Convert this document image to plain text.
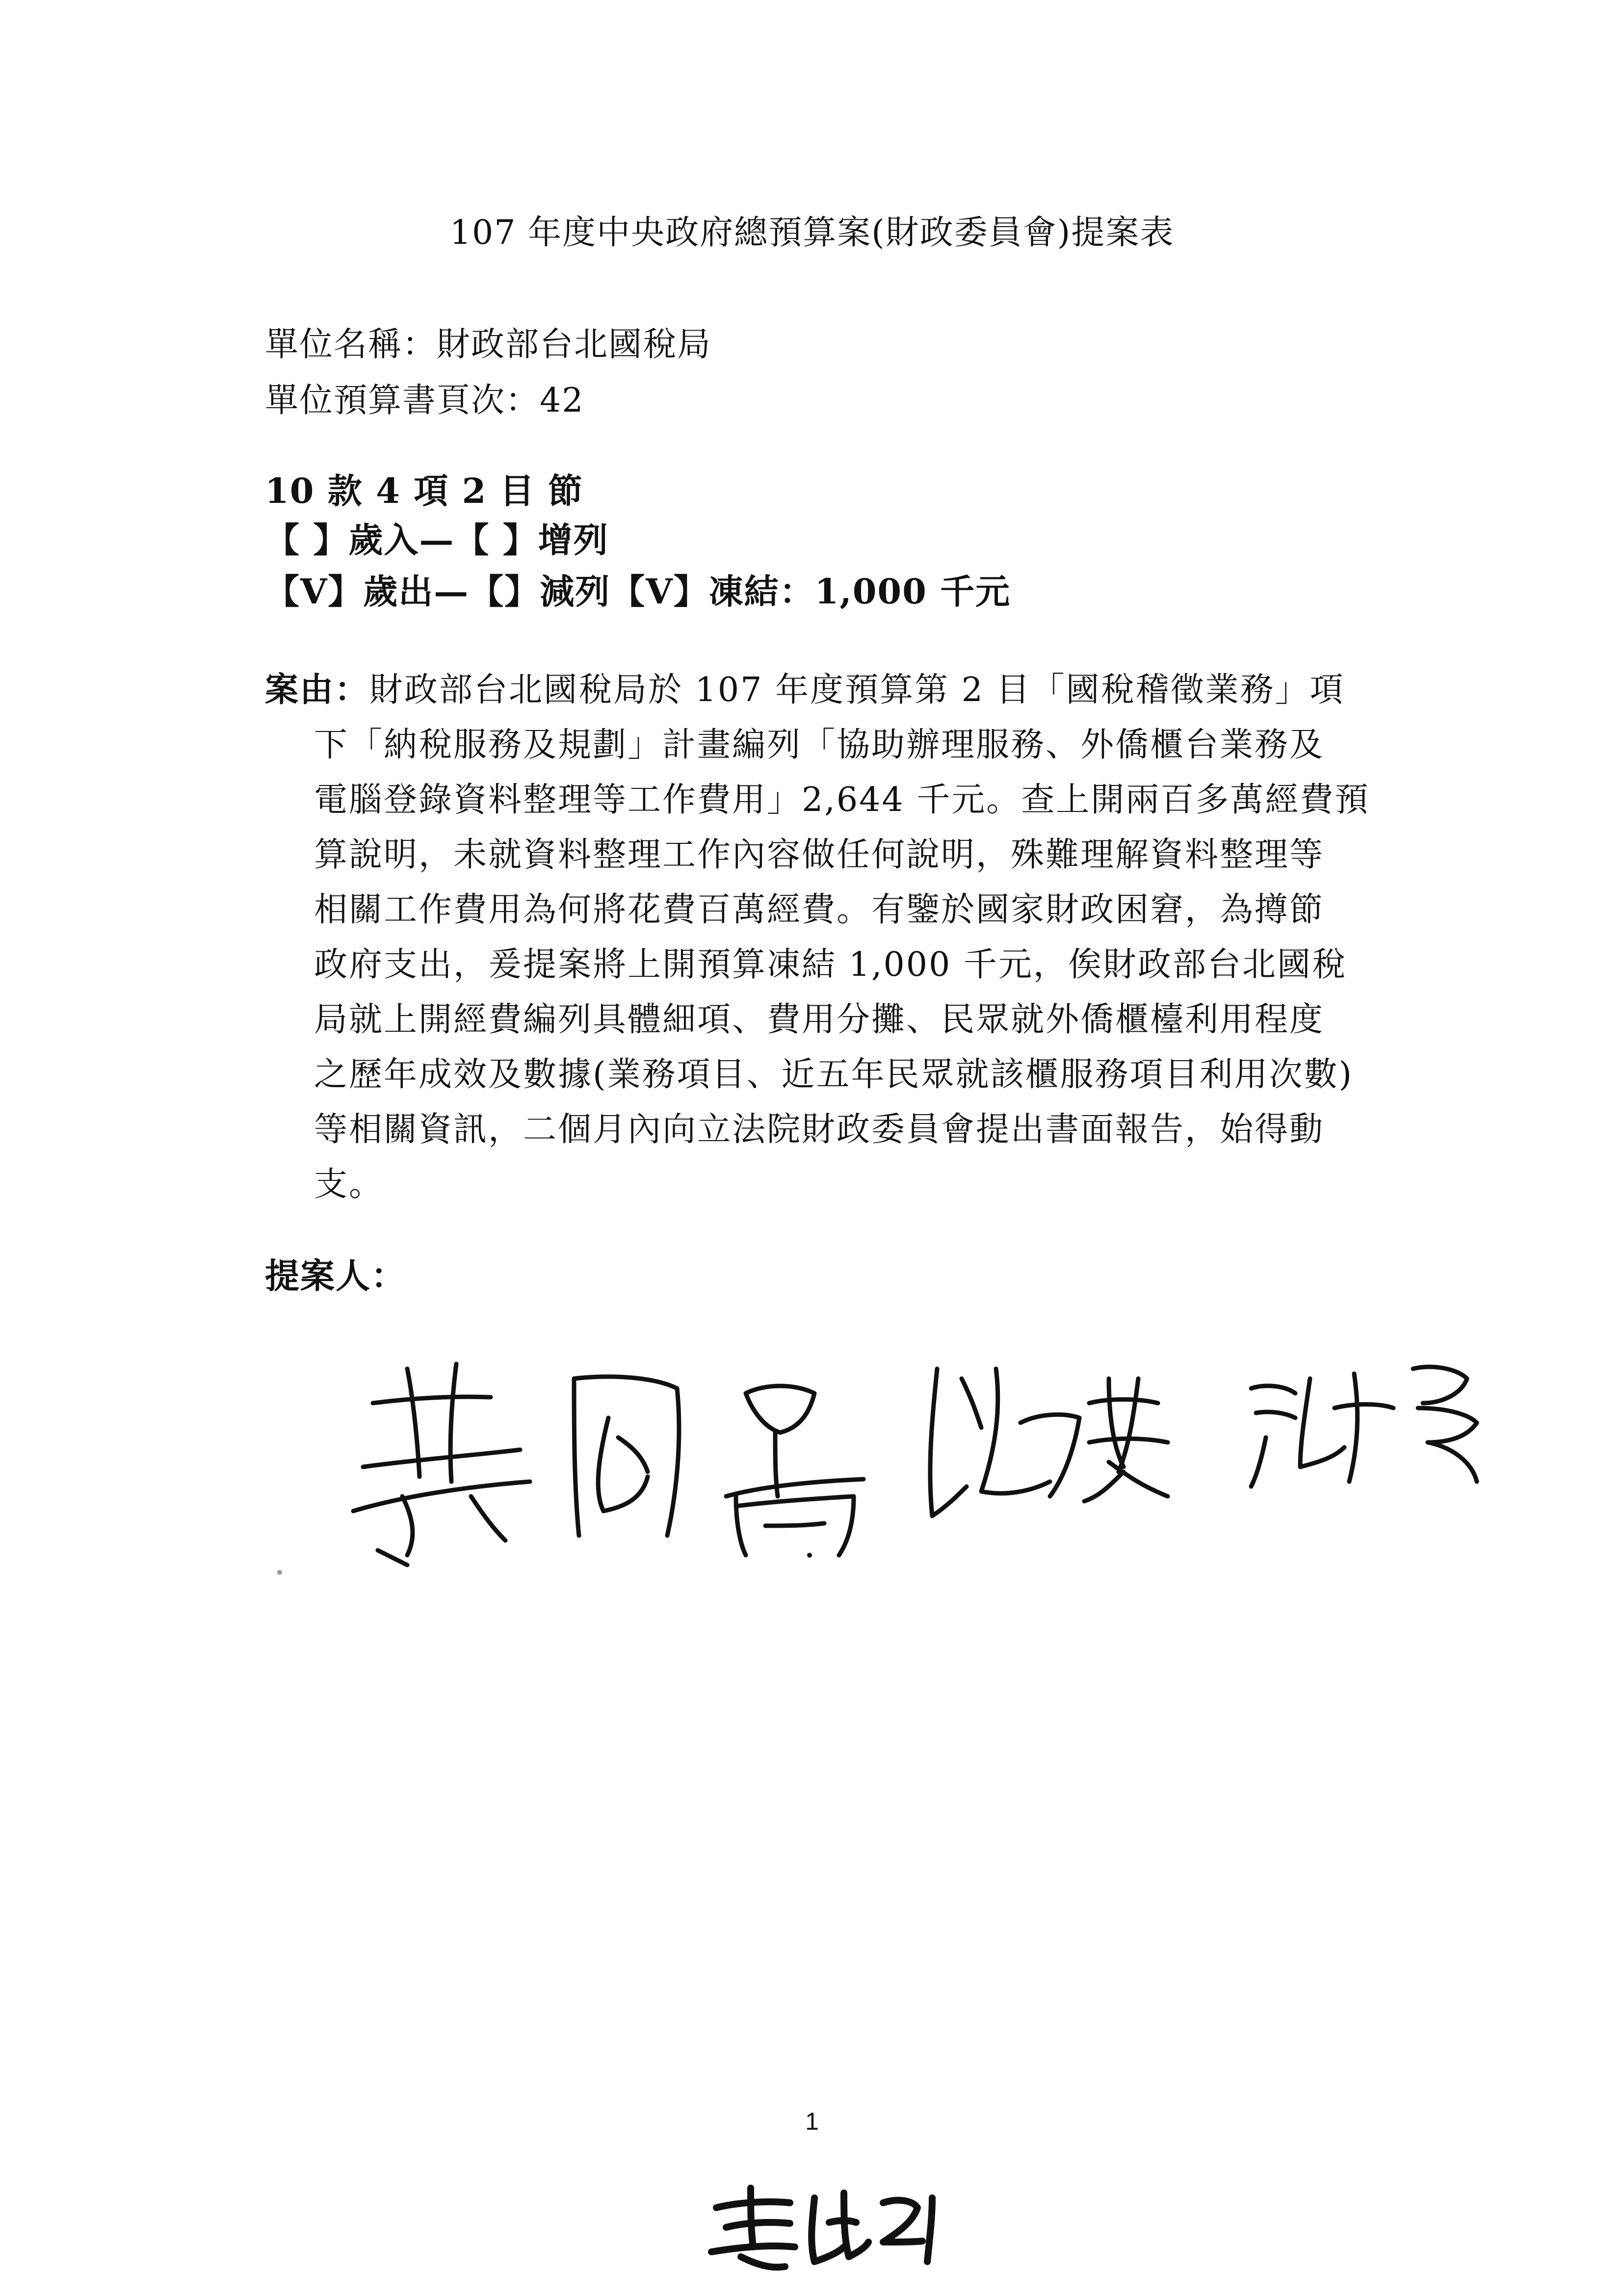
107 年度中央政府總預算案(財政委員會)提案表
單位名稱：財政部台北國稅局
單位預算書頁次：42
10 款 4 項 2 目 節
【 】歲入—【 】增列
【V】歲出—【】減列【V】凍結：1,000 千元
案由：財政部台北國稅局於 107 年度預算第 2 目「國稅稽徵業務」項
下「納稅服務及規劃」計畫編列「協助辦理服務、外僑櫃台業務及
電腦登錄資料整理等工作費用」2,644 千元。查上開兩百多萬經費預
算說明，未就資料整理工作內容做任何說明，殊難理解資料整理等
相關工作費用為何將花費百萬經費。有鑒於國家財政困窘，為撙節
政府支出，爰提案將上開預算凍結 1,000 千元，俟財政部台北國稅
局就上開經費編列具體細項、費用分攤、民眾就外僑櫃檯利用程度
之歷年成效及數據(業務項目、近五年民眾就該櫃服務項目利用次數)
等相關資訊，二個月內向立法院財政委員會提出書面報告，始得動
支。
提案人：
1
